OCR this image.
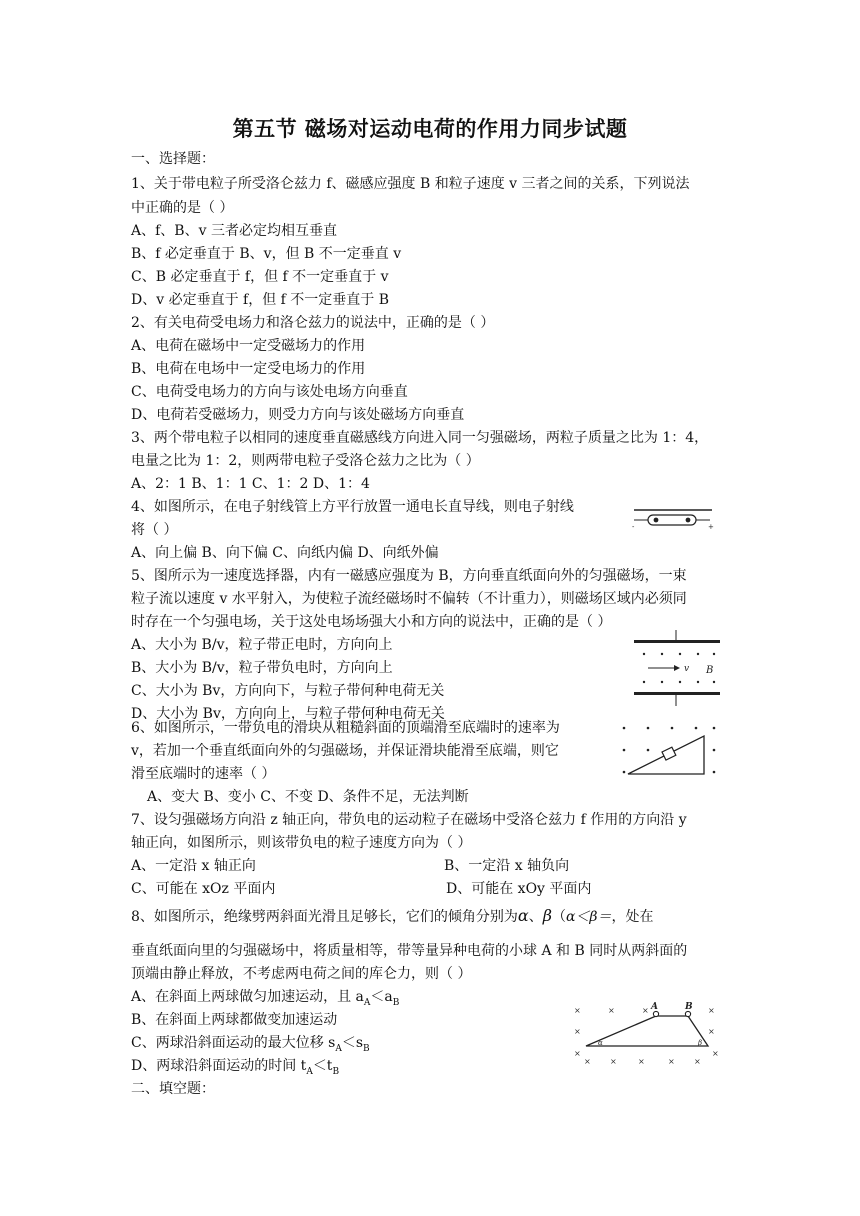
第五节 磁场对运动电荷的作用力同步试题
一、选择题：
1、关于带电粒子所受洛仑兹力 f、磁感应强度 B 和粒子速度 v 三者之间的关系，下列说法
中正确的是（ ）
A、f、B、v 三者必定均相互垂直
B、f 必定垂直于 B、v，但 B 不一定垂直 v
C、B 必定垂直于 f，但 f 不一定垂直于 v
D、v 必定垂直于 f，但 f 不一定垂直于 B
2、有关电荷受电场力和洛仑兹力的说法中，正确的是（ ）
A、电荷在磁场中一定受磁场力的作用
B、电荷在电场中一定受电场力的作用
C、电荷受电场力的方向与该处电场方向垂直
D、电荷若受磁场力，则受力方向与该处磁场方向垂直
3、两个带电粒子以相同的速度垂直磁感线方向进入同一匀强磁场，两粒子质量之比为 1：4，
电量之比为 1：2，则两带电粒子受洛仑兹力之比为（ ）
A、2：1 B、1：1 C、1：2 D、1：4
4、如图所示，在电子射线管上方平行放置一通电长直导线，则电子射线
将（ ）
A、向上偏 B、向下偏 C、向纸内偏 D、向纸外偏
-	+
5、图所示为一速度选择器，内有一磁感应强度为 B，方向垂直纸面向外的匀强磁场，一束
粒子流以速度 v 水平射入，为使粒子流经磁场时不偏转（不计重力），则磁场区域内必须同
时存在一个匀强电场，关于这处电场场强大小和方向的说法中，正确的是（ ）
A、大小为 B/v，粒子带正电时，方向向上
B、大小为 B/v，粒子带负电时，方向向上
C、大小为 Bv，方向向下，与粒子带何种电荷无关
D、大小为 Bv，方向向上，与粒子带何种电荷无关
v B
6、如图所示，一带负电的滑块从粗糙斜面的顶端滑至底端时的速率为
v，若加一个垂直纸面向外的匀强磁场，并保证滑块能滑至底端，则它
滑至底端时的速率（ ）
A、变大 B、变小 C、不变 D、条件不足，无法判断
7、设匀强磁场方向沿 z 轴正向，带负电的运动粒子在磁场中受洛仑兹力 f 作用的方向沿 y
轴正向，如图所示，则该带负电的粒子速度方向为（ ）
A、一定沿 x 轴正向	B、一定沿 x 轴负向
C、可能在 xOz 平面内	D、可能在 xOy 平面内
8、如图所示，绝缘劈两斜面光滑且足够长，它们的倾角分别为α、β（α＜β＝，处在
垂直纸面向里的匀强磁场中，将质量相等，带等量异种电荷的小球 A 和 B 同时从两斜面的
顶端由静止释放，不考虑两电荷之间的库仑力，则（ ）
A、在斜面上两球做匀加速运动，且 $a_A<a_B$
B、在斜面上两球都做变加速运动
C、两球沿斜面运动的最大位移 $s_A<s_B$
D、两球沿斜面运动的时间 $t_A<t_B$
×	×	×	×
×	×
×	×
× ×	×	× ×
A	B
α	β
二、填空题：
